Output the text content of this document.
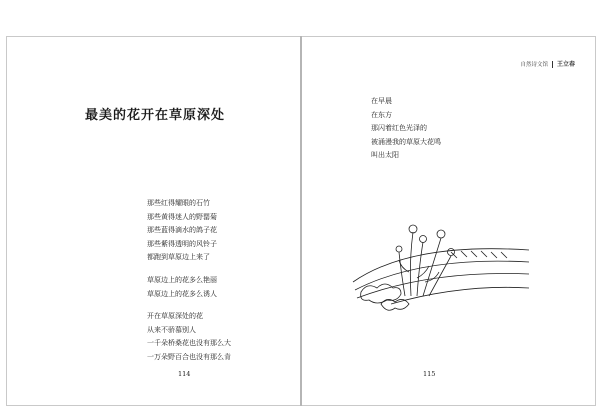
最美的花开在草原深处
那些红得耀眼的石竹
那些黄得迷人的野罂菊
那些蓝得滴水的鸽子花
那些紫得透明的风铃子
都跑到草原边上来了
草原边上的花多么艳丽
草原边上的花多么诱人
开在草原深处的花
从来不骄慕别人
一千朵桥桑花也没有那么大
一万朵野百合也没有那么肯
114
自然诗文馆 王立春
在早晨
在东方
那闪着红色光泽的
被涌漫我的草原大花鸣
叫出太阳
115
